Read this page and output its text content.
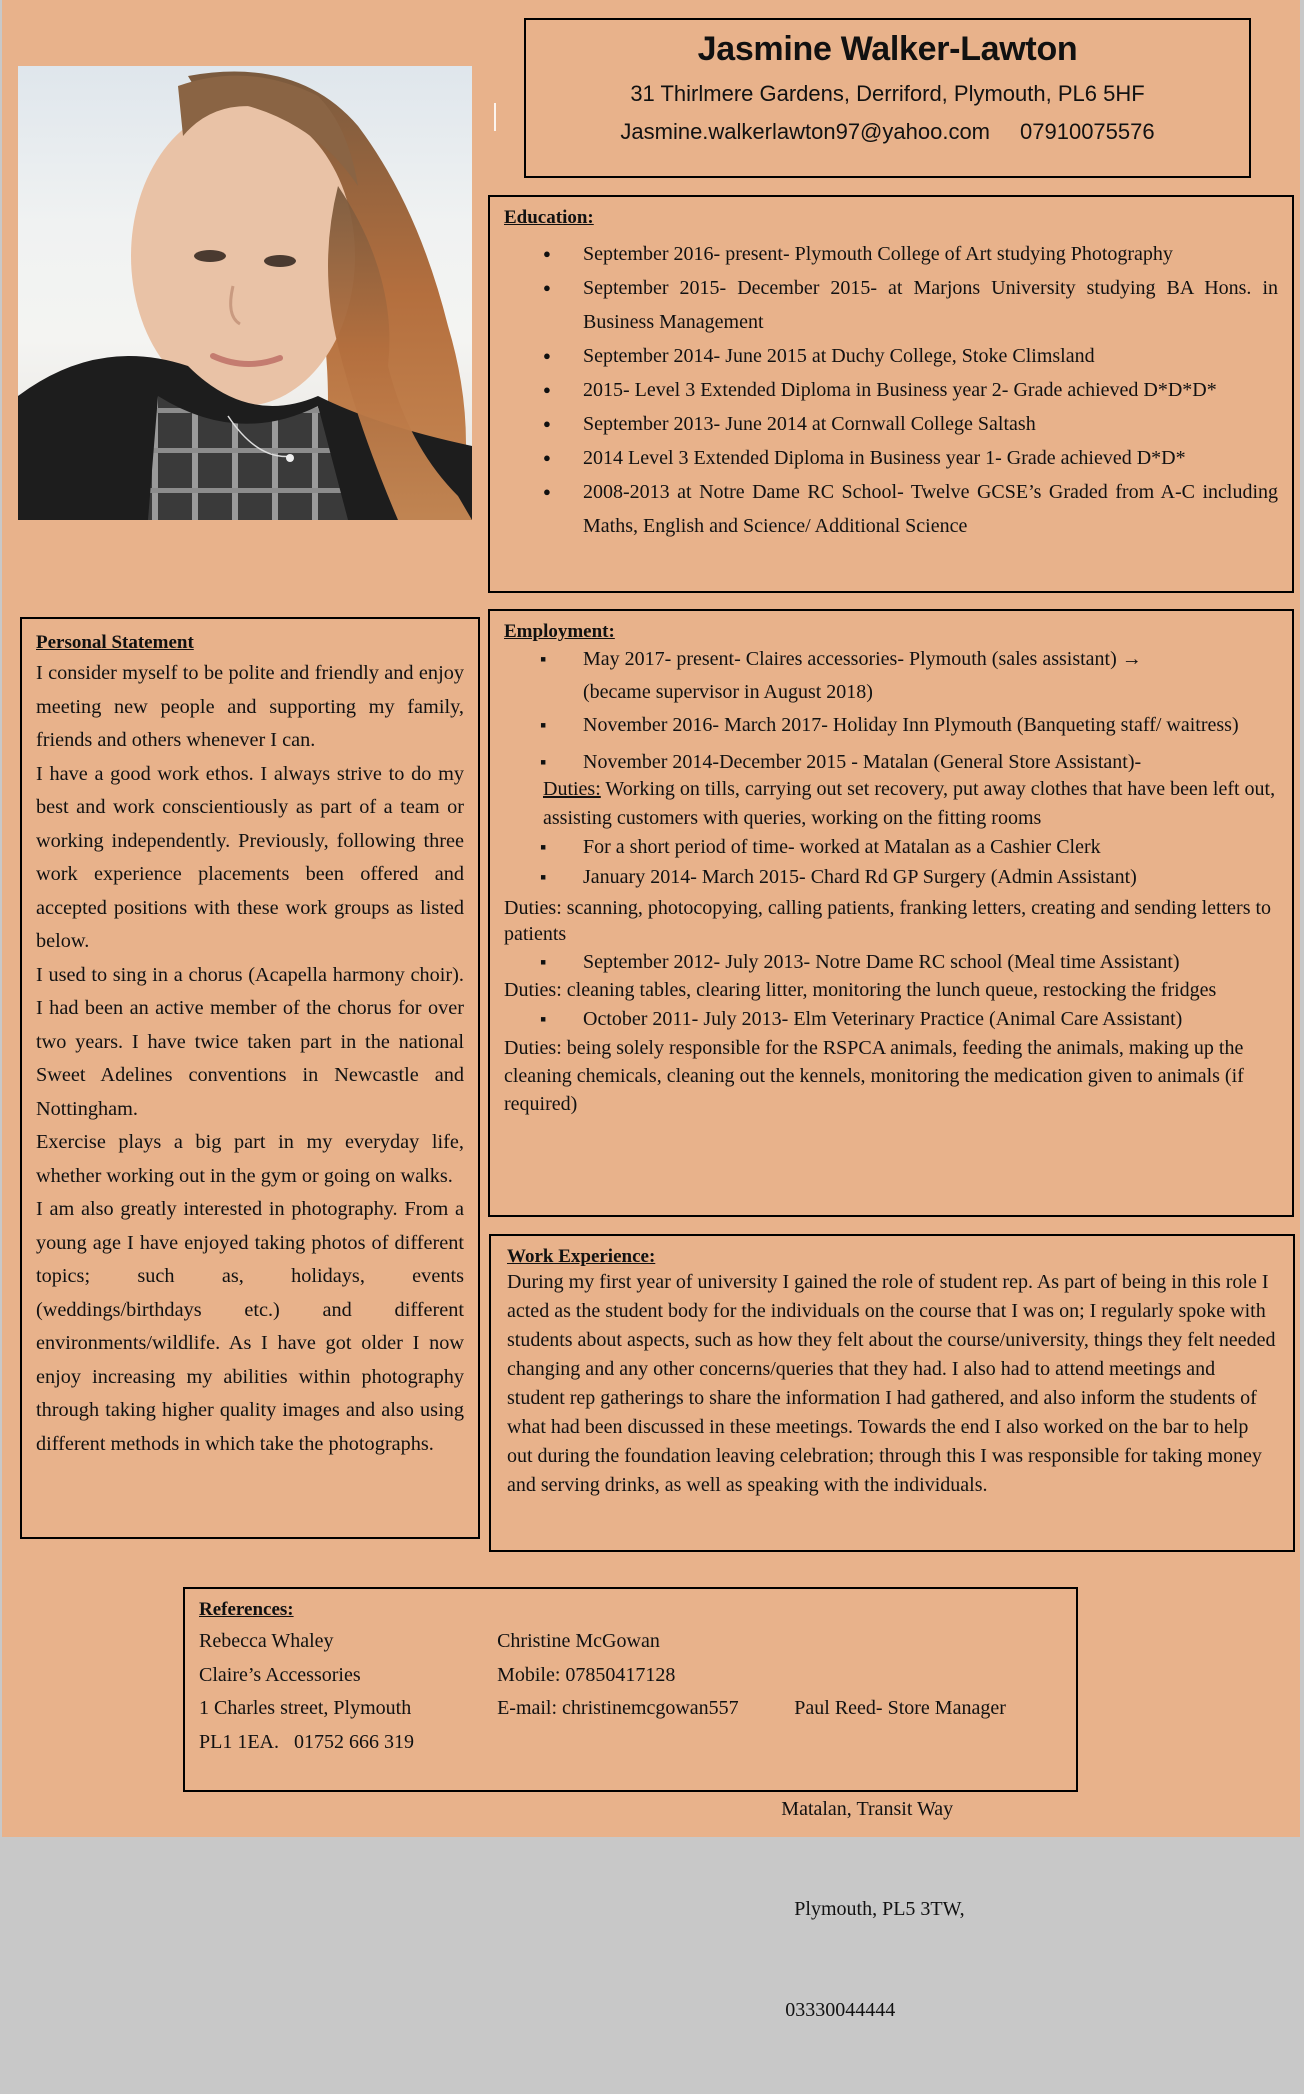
Jasmine Walker-Lawton
31 Thirlmere Gardens, Derriford, Plymouth, PL6 5HF
Jasmine.walkerlawton97@yahoo.com 07910075576
Education:
● September 2016- present- Plymouth College of Art studying Photography
● September 2015- December 2015- at Marjons University studying BA Hons. in Business Management
● September 2014- June 2015 at Duchy College, Stoke Climsland
● 2015- Level 3 Extended Diploma in Business year 2- Grade achieved D*D*D*
● September 2013- June 2014 at Cornwall College Saltash
● 2014 Level 3 Extended Diploma in Business year 1- Grade achieved D*D*
● 2008-2013 at Notre Dame RC School- Twelve GCSE’s Graded from A-C including Maths, English and Science/ Additional Science
Personal Statement

I consider myself to be polite and friendly and enjoy meeting new people and supporting my family, friends and others whenever I can.

I have a good work ethos. I always strive to do my best and work conscientiously as part of a team or working independently. Previously, following three work experience placements been offered and accepted positions with these work groups as listed below.

I used to sing in a chorus (Acapella harmony choir). I had been an active member of the chorus for over two years. I have twice taken part in the national Sweet Adelines conventions in Newcastle and Nottingham.

Exercise plays a big part in my everyday life, whether working out in the gym or going on walks.

I am also greatly interested in photography. From a young age I have enjoyed taking photos of different topics; such as, holidays, events (weddings/birthdays etc.) and different environments/wildlife. As I have got older I now enjoy increasing my abilities within photography through taking higher quality images and also using different methods in which take the photographs.

Employment:
▪ May 2017- present- Claires accessories- Plymouth (sales assistant) →
(became supervisor in August 2018)
▪ November 2016- March 2017- Holiday Inn Plymouth (Banqueting staff/ waitress)
▪ November 2014-December 2015 - Matalan (General Store Assistant)-
Duties: Working on tills, carrying out set recovery, put away clothes that have been left out, assisting customers with queries, working on the fitting rooms
▪ For a short period of time- worked at Matalan as a Cashier Clerk
▪ January 2014- March 2015- Chard Rd GP Surgery (Admin Assistant)
Duties: scanning, photocopying, calling patients, franking letters, creating and sending letters to patients
▪ September 2012- July 2013- Notre Dame RC school (Meal time Assistant)
Duties: cleaning tables, clearing litter, monitoring the lunch queue, restocking the fridges
▪ October 2011- July 2013- Elm Veterinary Practice (Animal Care Assistant)
Duties: being solely responsible for the RSPCA animals, feeding the animals, making up the cleaning chemicals, cleaning out the kennels, monitoring the medication given to animals (if required)
Work Experience:

During my first year of university I gained the role of student rep. As part of being in this role I acted as the student body for the individuals on the course that I was on; I regularly spoke with students about aspects, such as how they felt about the course/university, things they felt needed changing and any other concerns/queries that they had. I also had to attend meetings and student rep gatherings to share the information I had gathered, and also inform the students of what had been discussed in these meetings. Towards the end I also worked on the bar to help out during the foundation leaving celebration; through this I was responsible for taking money and serving drinks, as well as speaking with the individuals.

References:
Rebecca Whaley
Claire’s Accessories
1 Charles street, Plymouth
PL1 1EA.   01752 666 319
Christine McGowan
Mobile: 07850417128
E-mail: christinemcgowan557

	Paul Reed- Store Manager

Matalan, Transit Way

Plymouth, PL5 3TW,

03330044444
